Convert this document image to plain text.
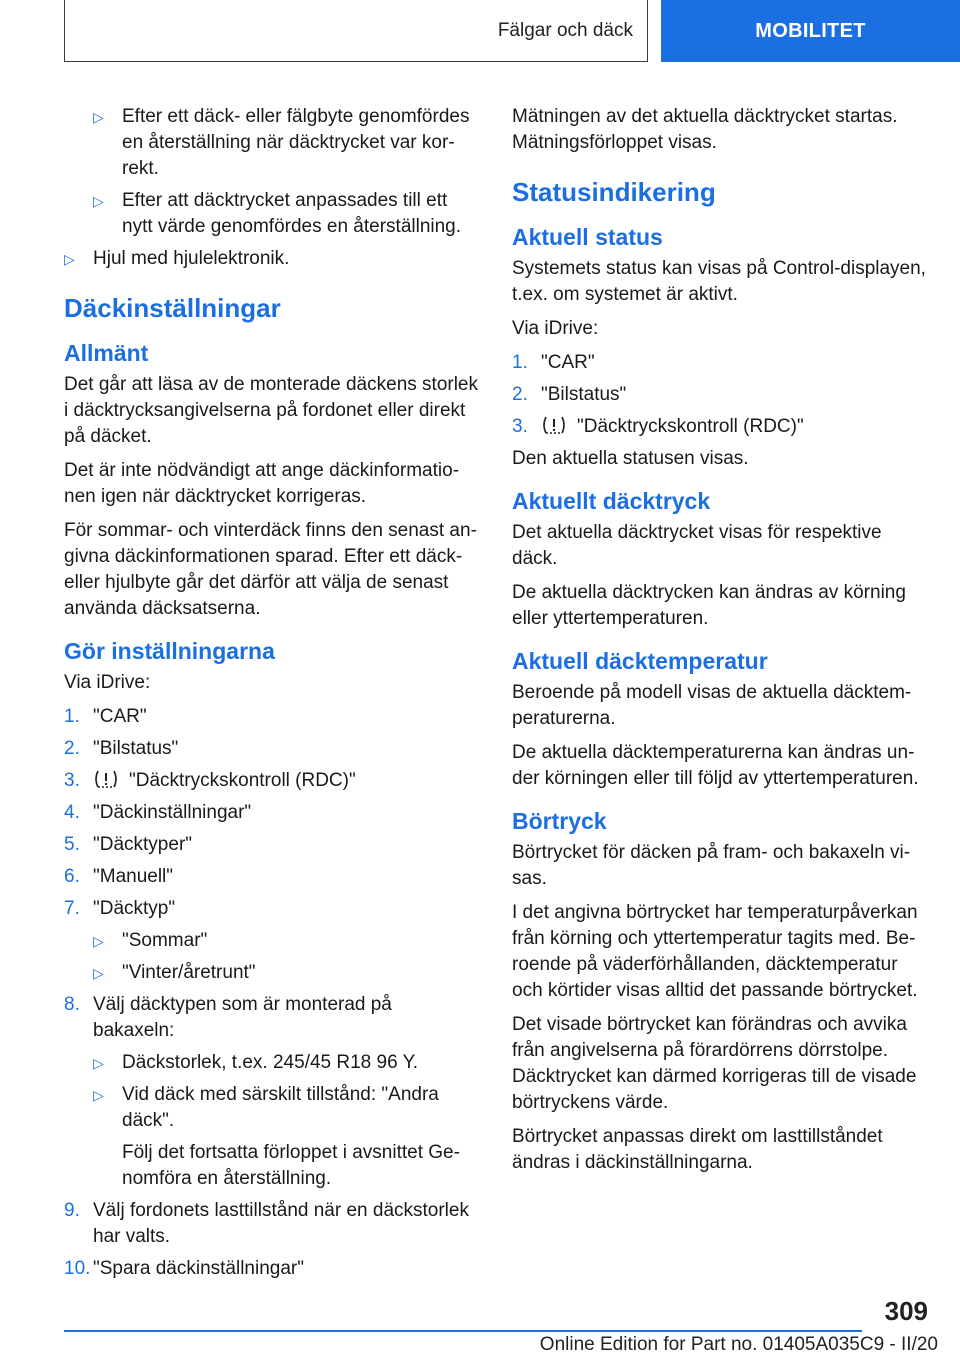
Fälgar och däck	MOBILITET
▷ Efter ett däck- eller fälgbyte genomfördes en återställning när däcktrycket var korrekt.
▷ Efter att däcktrycket anpassades till ett nytt värde genomfördes en återställning.
▷ Hjul med hjulelektronik.
Däckinställningar
Allmänt

Det går att läsa av de monterade däckens storlek i däcktrycksangivelserna på fordonet eller direkt på däcket.

Det är inte nödvändigt att ange däckinformationen igen när däcktrycket korrigeras.

För sommar- och vinterdäck finns den senast angivna däckinformationen sparad. Efter ett däck- eller hjulbyte går det därför att välja de senast använda däcksatserna.

Gör inställningarna

Via iDrive:

1. "CAR"
2. "Bilstatus"
3.	"Däcktryckskontroll (RDC)"
4. "Däckinställningar"
5. "Däcktyper"
6. "Manuell"
7. "Däcktyp"
▷ "Sommar"
▷ "Vinter/åretrunt"
8. Välj däcktypen som är monterad på bakaxeln:
▷ Däckstorlek, t.ex. 245/45 R18 96 Y.
▷ Vid däck med särskilt tillstånd: "Andra däck".
Följ det fortsatta förloppet i avsnittet Genomföra en återställning.
9. Välj fordonets lasttillstånd när en däckstorlek har valts.
10. "Spara däckinställningar"

Mätningen av det aktuella däcktrycket startas. Mätningsförloppet visas.

Statusindikering
Aktuell status

Systemets status kan visas på Control-displayen, t.ex. om systemet är aktivt.

Via iDrive:

1. "CAR"
2. "Bilstatus"
3.	"Däcktryckskontroll (RDC)"

Den aktuella statusen visas.

Aktuellt däcktryck

Det aktuella däcktrycket visas för respektive däck.

De aktuella däcktrycken kan ändras av körning eller yttertemperaturen.

Aktuell däcktemperatur

Beroende på modell visas de aktuella däcktemperaturerna.

De aktuella däcktemperaturerna kan ändras under körningen eller till följd av yttertemperaturen.

Börtryck

Börtrycket för däcken på fram- och bakaxeln visas.

I det angivna börtrycket har temperaturpåverkan från körning och yttertemperatur tagits med. Beroende på väderförhållanden, däcktemperatur och körtider visas alltid det passande börtrycket.

Det visade börtrycket kan förändras och avvika från angivelserna på förardörrens dörrstolpe. Däcktrycket kan därmed korrigeras till de visade börtryckens värde.

Börtrycket anpassas direkt om lasttillståndet ändras i däckinställningarna.

309
Online Edition for Part no. 01405A035C9 - II/20
